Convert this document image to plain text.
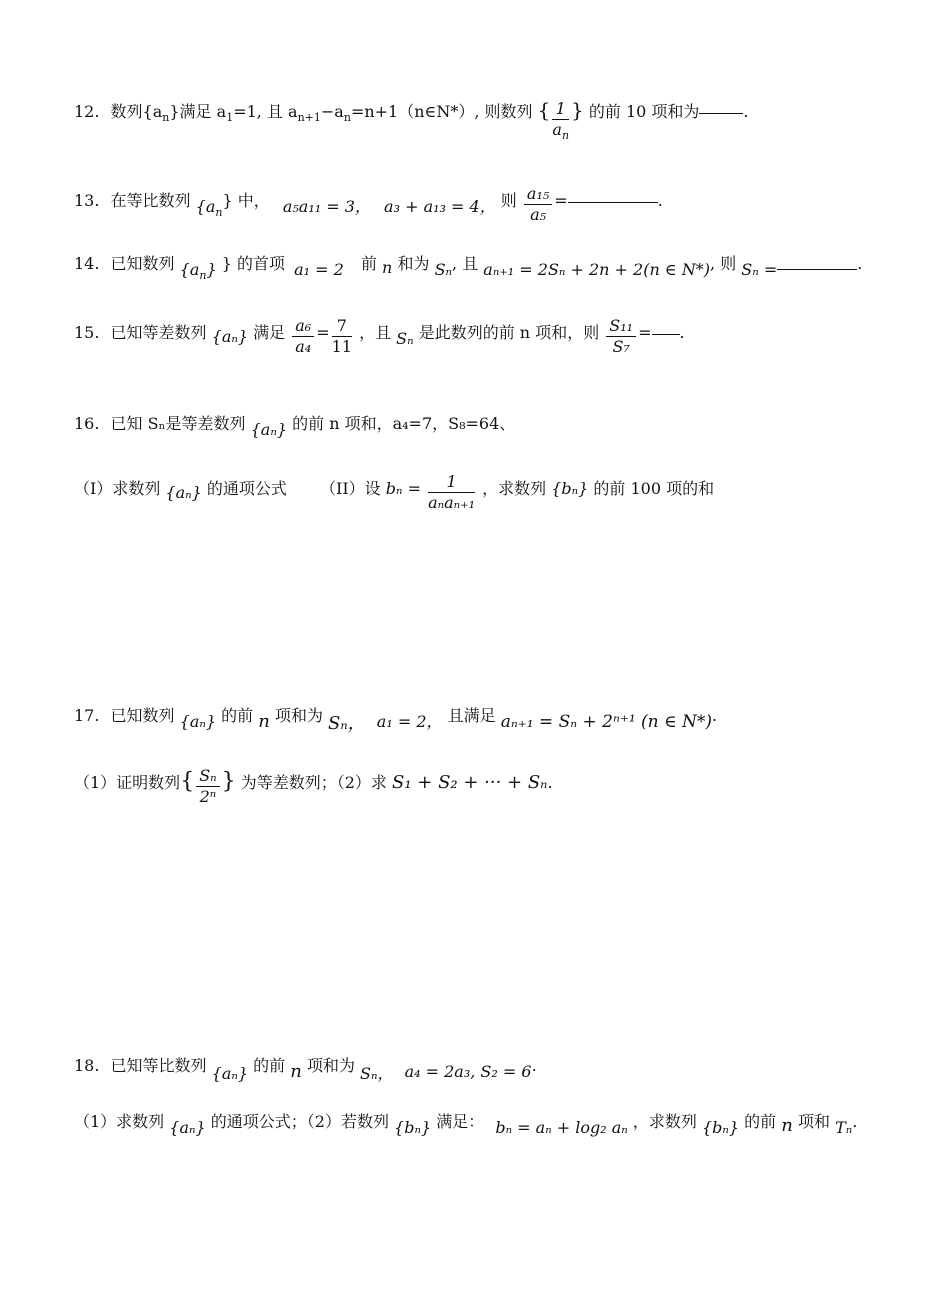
12. 数列$\{a_n\}$满足 $a_1=1$, 且 $a_{n+1}-a_n=n+1(n\in N*)$, 则数列 { $\frac{1}{a_n}$ } 的前 10 项和为	.
13. 在等比数列 $\{a_n\}$ 中， a₅a₁₁ = 3， a₃ + a₁₃ = 4， 则 $\frac{\text{a₁₅}}{\text{a₅}}$ =	.
14. 已知数列 $\{a_n\}$ } 的首项 a₁ = 2 前 n 和为 Sₙ, 且 aₙ₊₁ = 2Sₙ + 2n + 2(n ∈ N*), 则 Sₙ =	.
15. 已知等差数列 {aₙ} 满足 $\frac{\text{a₆}}{\text{a₄}} = \frac{7}{11}$ ，且 Sₙ 是此数列的前 n 项和，则 $\frac{\text{S₁₁}}{\text{S₇}}$ = .
16. 已知 Sₙ是等差数列 {aₙ} 的前 n 项和，a₄=7，S₈=64、
（I）求数列 {aₙ} 的通项公式 （II）设 $b_n = \frac{1}{\text{aₙaₙ₊₁}}$ ，求数列 {bₙ} 的前 100 项的和
17. 已知数列 {aₙ} 的前 n 项和为 Sₙ， a₁ = 2， 且满足 aₙ₊₁ = Sₙ + 2ⁿ⁺¹ (n ∈ N*).
（1）证明数列{ $\frac{\text{Sₙ}}{\text{2ⁿ}}$ } 为等差数列；（2）求 S₁ + S₂ + ··· + Sₙ.
18. 已知等比数列 {aₙ} 的前 n 项和为 Sₙ， a₄ = 2a₃, S₂ = 6.
（1）求数列 {aₙ} 的通项公式；（2）若数列 {bₙ} 满足： bₙ = aₙ + log₂ aₙ ，求数列 {bₙ} 的前 n 项和 Tₙ.
